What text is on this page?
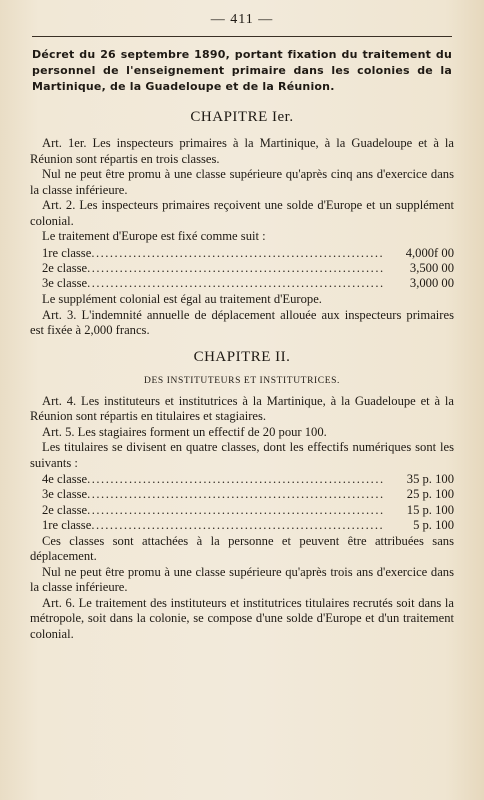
— 411 —
Décret du 26 septembre 1890, portant fixation du traitement du personnel de l'enseignement primaire dans les colonies de la Martinique, de la Guadeloupe et de la Réunion.
CHAPITRE Ier.

Art. 1er. Les inspecteurs primaires à la Martinique, à la Guadeloupe et à la Réunion sont répartis en trois classes.

Nul ne peut être promu à une classe supérieure qu'après cinq ans d'exercice dans la classe inférieure.

Art. 2. Les inspecteurs primaires reçoivent une solde d'Europe et un supplément colonial.

Le traitement d'Europe est fixé comme suit :

1re classe .....	4,000f 00
2e classe .....	3,500 00
3e classe .....	3,000 00

Le supplément colonial est égal au traitement d'Europe.

Art. 3. L'indemnité annuelle de déplacement allouée aux inspecteurs primaires est fixée à 2,000 francs.

CHAPITRE II.
DES INSTITUTEURS ET INSTITUTRICES.

Art. 4. Les instituteurs et institutrices à la Martinique, à la Guadeloupe et à la Réunion sont répartis en titulaires et stagiaires.

Art. 5. Les stagiaires forment un effectif de 20 pour 100.

Les titulaires se divisent en quatre classes, dont les effectifs numériques sont les suivants :

4e classe .....	35 p. 100
3e classe .....	25 p. 100
2e classe .....	15 p. 100
1re classe .....	5 p. 100

Ces classes sont attachées à la personne et peuvent être attribuées sans déplacement.

Nul ne peut être promu à une classe supérieure qu'après trois ans d'exercice dans la classe inférieure.

Art. 6. Le traitement des instituteurs et institutrices titulaires recrutés soit dans la métropole, soit dans la colonie, se compose d'une solde d'Europe et d'un traitement colonial.
